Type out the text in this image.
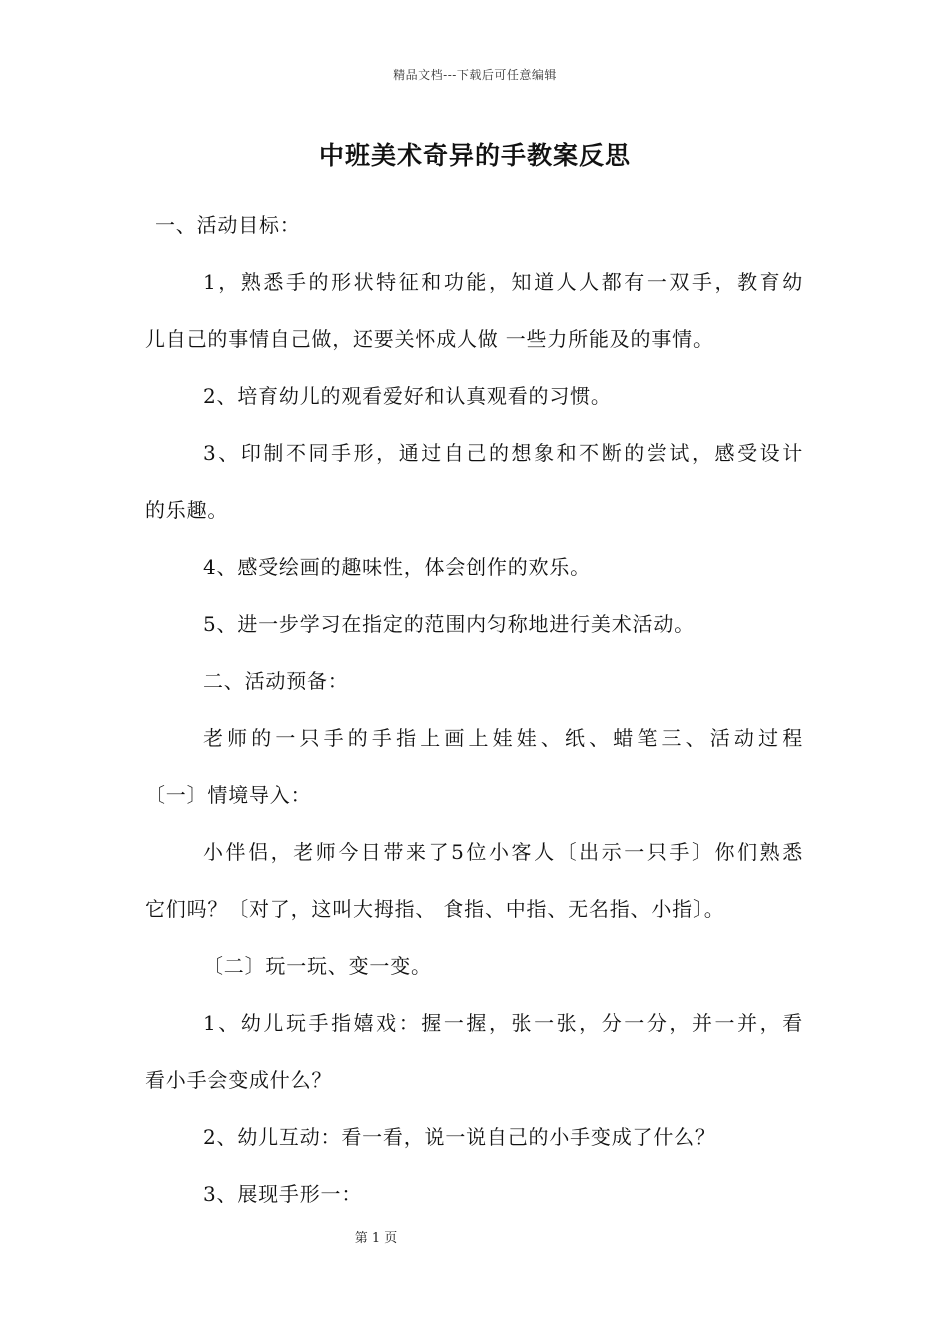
精品文档---下载后可任意编辑
中班美术奇异的手教案反思
一、活动目标：
1，熟悉手的形状特征和功能，知道人人都有一双手，教育幼
儿自己的事情自己做，还要关怀成人做 一些力所能及的事情。
2、培育幼儿的观看爱好和认真观看的习惯。
3、印制不同手形，通过自己的想象和不断的尝试，感受设计
的乐趣。
4、感受绘画的趣味性，体会创作的欢乐。
5、进一步学习在指定的范围内匀称地进行美术活动。
二、活动预备：
老师的一只手的手指上画上娃娃、纸、蜡笔三、活动过程
〔一〕情境导入：
小伴侣，老师今日带来了5位小客人〔出示一只手〕你们熟悉
它们吗？〔对了，这叫大拇指、 食指、中指、无名指、小指〕。
〔二〕玩一玩、变一变。
1、幼儿玩手指嬉戏：握一握，张一张，分一分，并一并，看
看小手会变成什么？
2、幼儿互动：看一看，说一说自己的小手变成了什么？
3、展现手形一：
第 1 页
